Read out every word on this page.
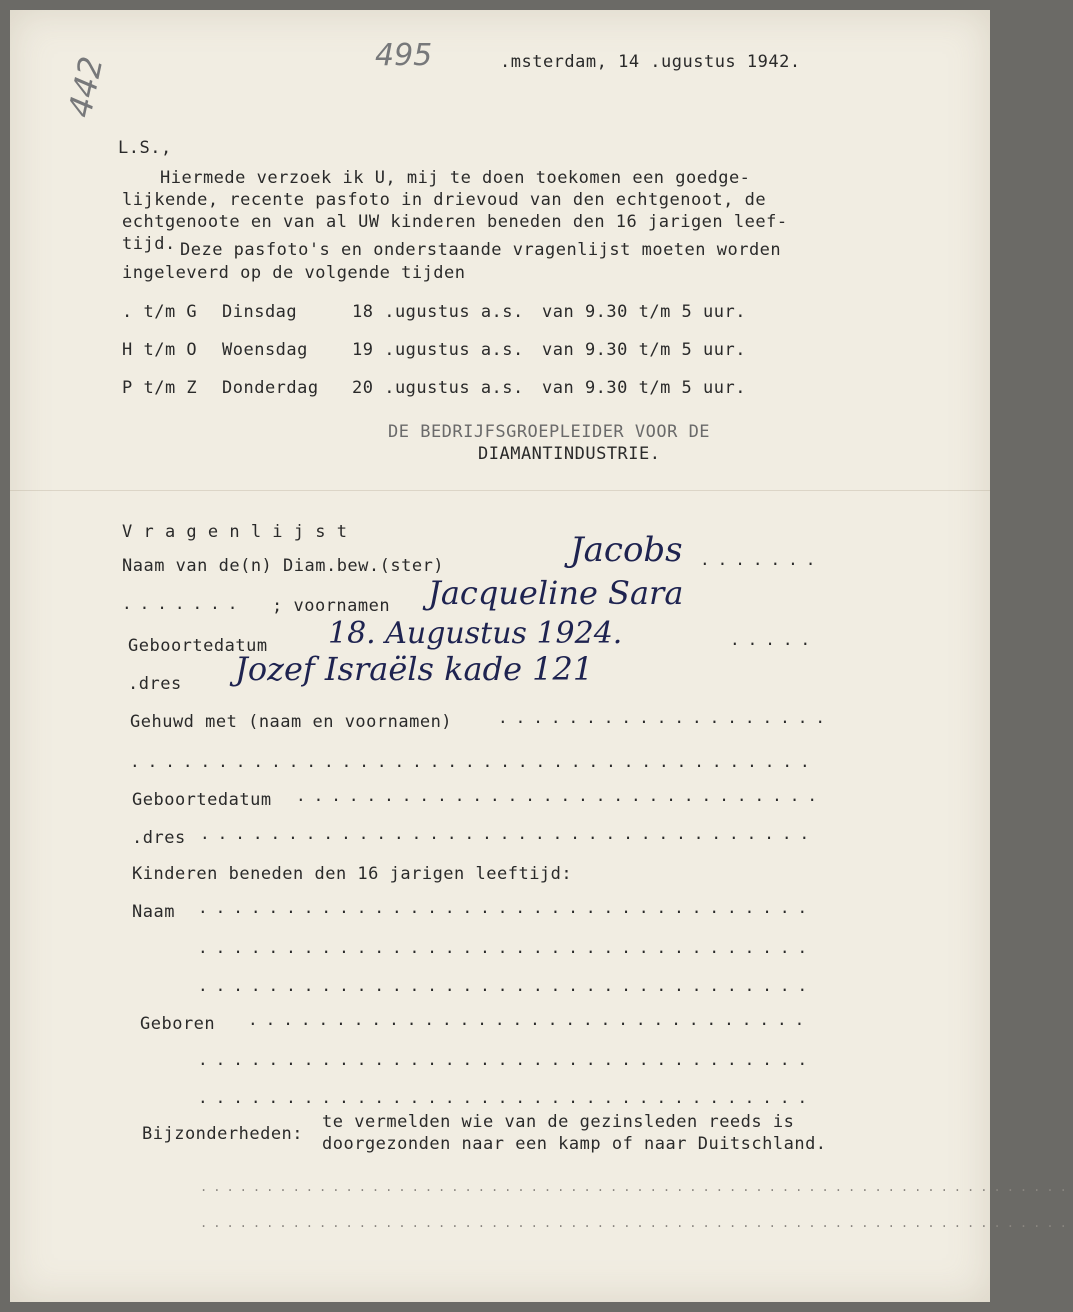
442	495	.msterdam, 14 .ugustus 1942.
L.S.,
Hiermede verzoek ik U, mij te doen toekomen een goedge-
lijkende, recente pasfoto in drievoud van den echtgenoot, de
echtgenoote en van al UW kinderen beneden den 16 jarigen leef-
tijd. Deze pasfoto's en onderstaande vragenlijst moeten worden
ingeleverd op de volgende tijden
. t/m G Dinsdag	18 .ugustus a.s. van 9.30 t/m 5 uur.
H t/m O Woensdag	19 .ugustus a.s. van 9.30 t/m 5 uur.
P t/m Z Donderdag 20 .ugustus a.s. van 9.30 t/m 5 uur.
DE BEDRIJFSGROEPLEIDER VOOR DE
DIAMANTINDUSTRIE.
V r a g e n l i j s t
Naam van de(n) Diam.bew.(ster)	Jacobs .......
.......	; voornamen Jacqueline Sara
Geboortedatum 18. Augustus 1924.	.....
.dres Jozef Israëls kade 121
Gehuwd met (naam en voornamen)	...................
.......................................
Geboortedatum ..............................
.dres ...................................
Kinderen beneden den 16 jarigen leeftijd:
Naam ...................................
...................................
...................................
Geboren ................................
...................................
...................................
Bijzonderheden:
te vermelden wie van de gezinsleden reeds is
doorgezonden naar een kamp of naar Duitschland.
..................................................................
..................................................................
